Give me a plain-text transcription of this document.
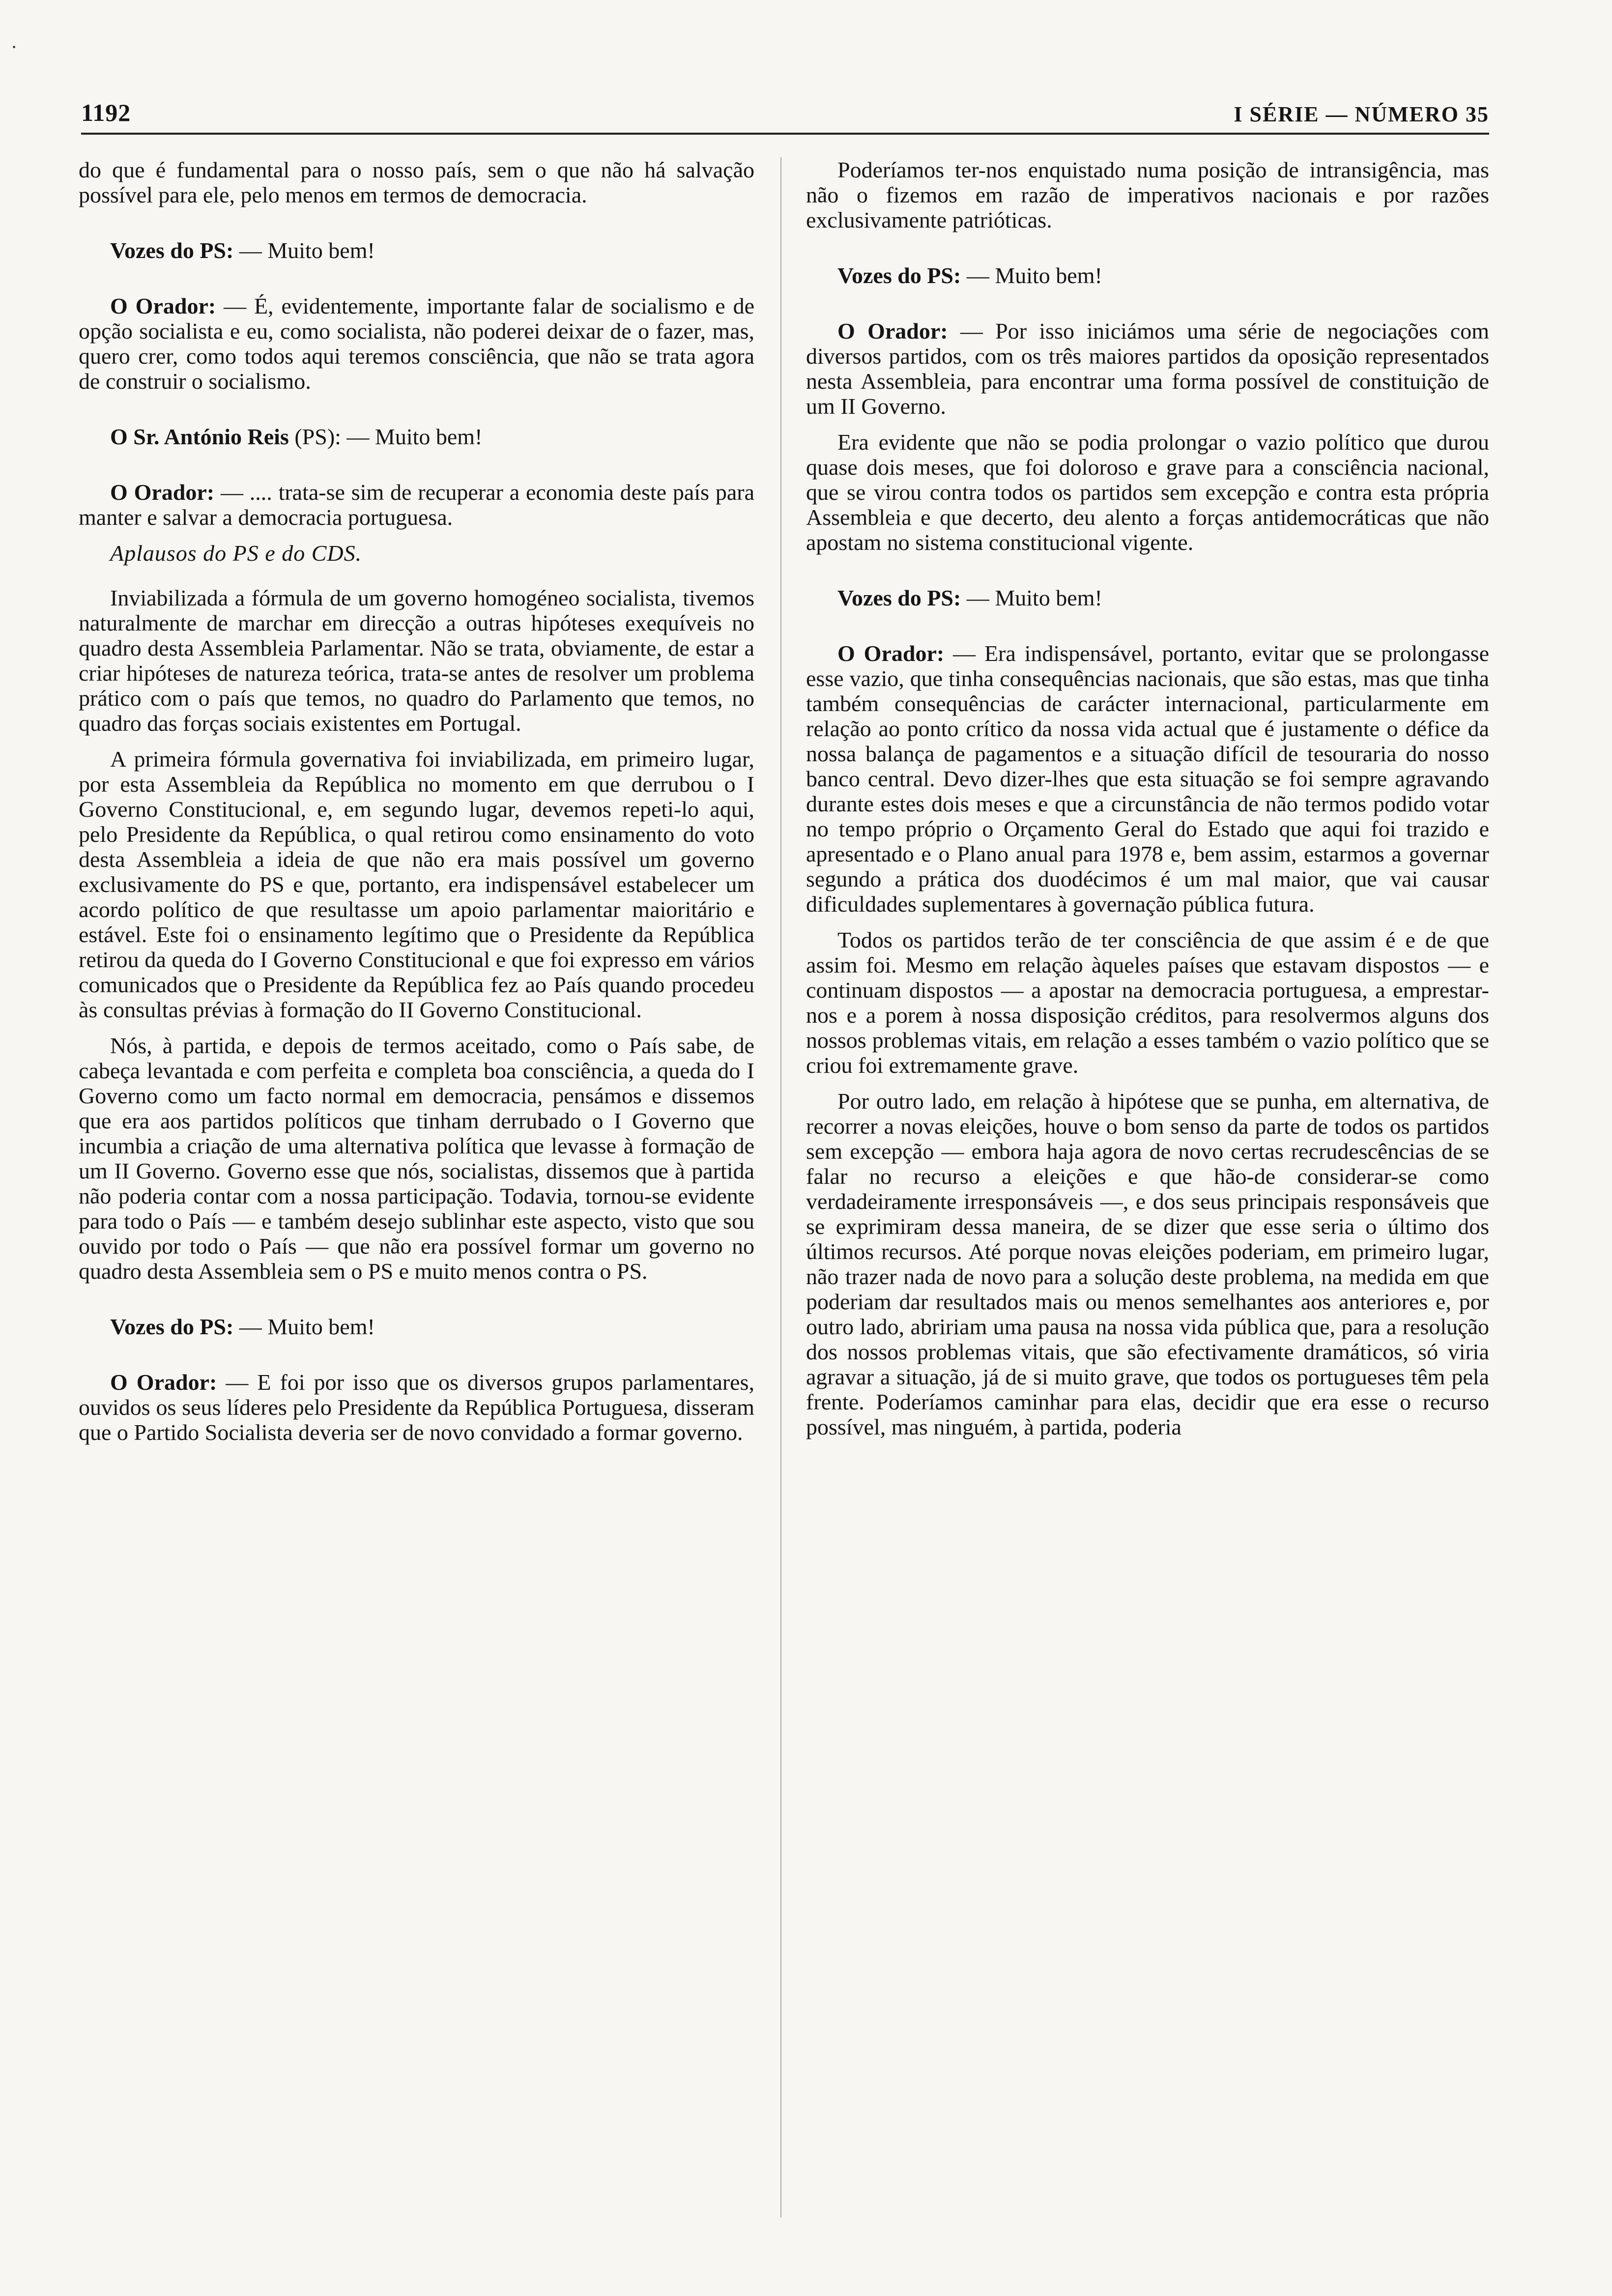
·
1192	I SÉRIE — NÚMERO 35

do que é fundamental para o nosso país, sem o que não há salvação possível para ele, pelo menos em termos de democracia.

Vozes do PS: — Muito bem!

O Orador: — É, evidentemente, importante falar de socialismo e de opção socialista e eu, como socialista, não poderei deixar de o fazer, mas, quero crer, como todos aqui teremos consciência, que não se trata agora de construir o socialismo.

O Sr. António Reis (PS): — Muito bem!

O Orador: — .... trata-se sim de recuperar a economia deste país para manter e salvar a democracia portuguesa.

Aplausos do PS e do CDS.

Inviabilizada a fórmula de um governo homogéneo socialista, tivemos naturalmente de marchar em direcção a outras hipóteses exequíveis no quadro desta Assembleia Parlamentar. Não se trata, obviamente, de estar a criar hipóteses de natureza teórica, trata-se antes de resolver um problema prático com o país que temos, no quadro do Parlamento que temos, no quadro das forças sociais existentes em Portugal.

A primeira fórmula governativa foi inviabilizada, em primeiro lugar, por esta Assembleia da República no momento em que derrubou o I Governo Constitucional, e, em segundo lugar, devemos repeti-lo aqui, pelo Presidente da República, o qual retirou como ensinamento do voto desta Assembleia a ideia de que não era mais possível um governo exclusivamente do PS e que, portanto, era indispensável estabelecer um acordo político de que resultasse um apoio parlamentar maioritário e estável. Este foi o ensinamento legítimo que o Presidente da República retirou da queda do I Governo Constitucional e que foi expresso em vários comunicados que o Presidente da República fez ao País quando procedeu às consultas prévias à formação do II Governo Constitucional.

Nós, à partida, e depois de termos aceitado, como o País sabe, de cabeça levantada e com perfeita e completa boa consciência, a queda do I Governo como um facto normal em democracia, pensámos e dissemos que era aos partidos políticos que tinham derrubado o I Governo que incumbia a criação de uma alternativa política que levasse à formação de um II Governo. Governo esse que nós, socialistas, dissemos que à partida não poderia contar com a nossa participação. Todavia, tornou-se evidente para todo o País — e também desejo sublinhar este aspecto, visto que sou ouvido por todo o País — que não era possível formar um governo no quadro desta Assembleia sem o PS e muito menos contra o PS.

Vozes do PS: — Muito bem!

O Orador: — E foi por isso que os diversos grupos parlamentares, ouvidos os seus líderes pelo Presidente da República Portuguesa, disseram que o Partido Socialista deveria ser de novo convidado a formar governo.

Poderíamos ter-nos enquistado numa posição de intransigência, mas não o fizemos em razão de imperativos nacionais e por razões exclusivamente patrióticas.

Vozes do PS: — Muito bem!

O Orador: — Por isso iniciámos uma série de negociações com diversos partidos, com os três maiores partidos da oposição representados nesta Assembleia, para encontrar uma forma possível de constituição de um II Governo.

Era evidente que não se podia prolongar o vazio político que durou quase dois meses, que foi doloroso e grave para a consciência nacional, que se virou contra todos os partidos sem excepção e contra esta própria Assembleia e que decerto, deu alento a forças antidemocráticas que não apostam no sistema constitucional vigente.

Vozes do PS: — Muito bem!

O Orador: — Era indispensável, portanto, evitar que se prolongasse esse vazio, que tinha consequências nacionais, que são estas, mas que tinha também consequências de carácter internacional, particularmente em relação ao ponto crítico da nossa vida actual que é justamente o défice da nossa balança de pagamentos e a situação difícil de tesouraria do nosso banco central. Devo dizer-lhes que esta situação se foi sempre agravando durante estes dois meses e que a circunstância de não termos podido votar no tempo próprio o Orçamento Geral do Estado que aqui foi trazido e apresentado e o Plano anual para 1978 e, bem assim, estarmos a governar segundo a prática dos duodécimos é um mal maior, que vai causar dificuldades suplementares à governação pública futura.

Todos os partidos terão de ter consciência de que assim é e de que assim foi. Mesmo em relação àqueles países que estavam dispostos — e continuam dispostos — a apostar na democracia portuguesa, a emprestar-nos e a porem à nossa disposição créditos, para resolvermos alguns dos nossos problemas vitais, em relação a esses também o vazio político que se criou foi extremamente grave.

Por outro lado, em relação à hipótese que se punha, em alternativa, de recorrer a novas eleições, houve o bom senso da parte de todos os partidos sem excepção — embora haja agora de novo certas recrudescências de se falar no recurso a eleições e que hão-de considerar-se como verdadeiramente irresponsáveis —, e dos seus principais responsáveis que se exprimiram dessa maneira, de se dizer que esse seria o último dos últimos recursos. Até porque novas eleições poderiam, em primeiro lugar, não trazer nada de novo para a solução deste problema, na medida em que poderiam dar resultados mais ou menos semelhantes aos anteriores e, por outro lado, abririam uma pausa na nossa vida pública que, para a resolução dos nossos problemas vitais, que são efectivamente dramáticos, só viria agravar a situação, já de si muito grave, que todos os portugueses têm pela frente. Poderíamos caminhar para elas, decidir que era esse o recurso possível, mas ninguém, à partida, poderia
